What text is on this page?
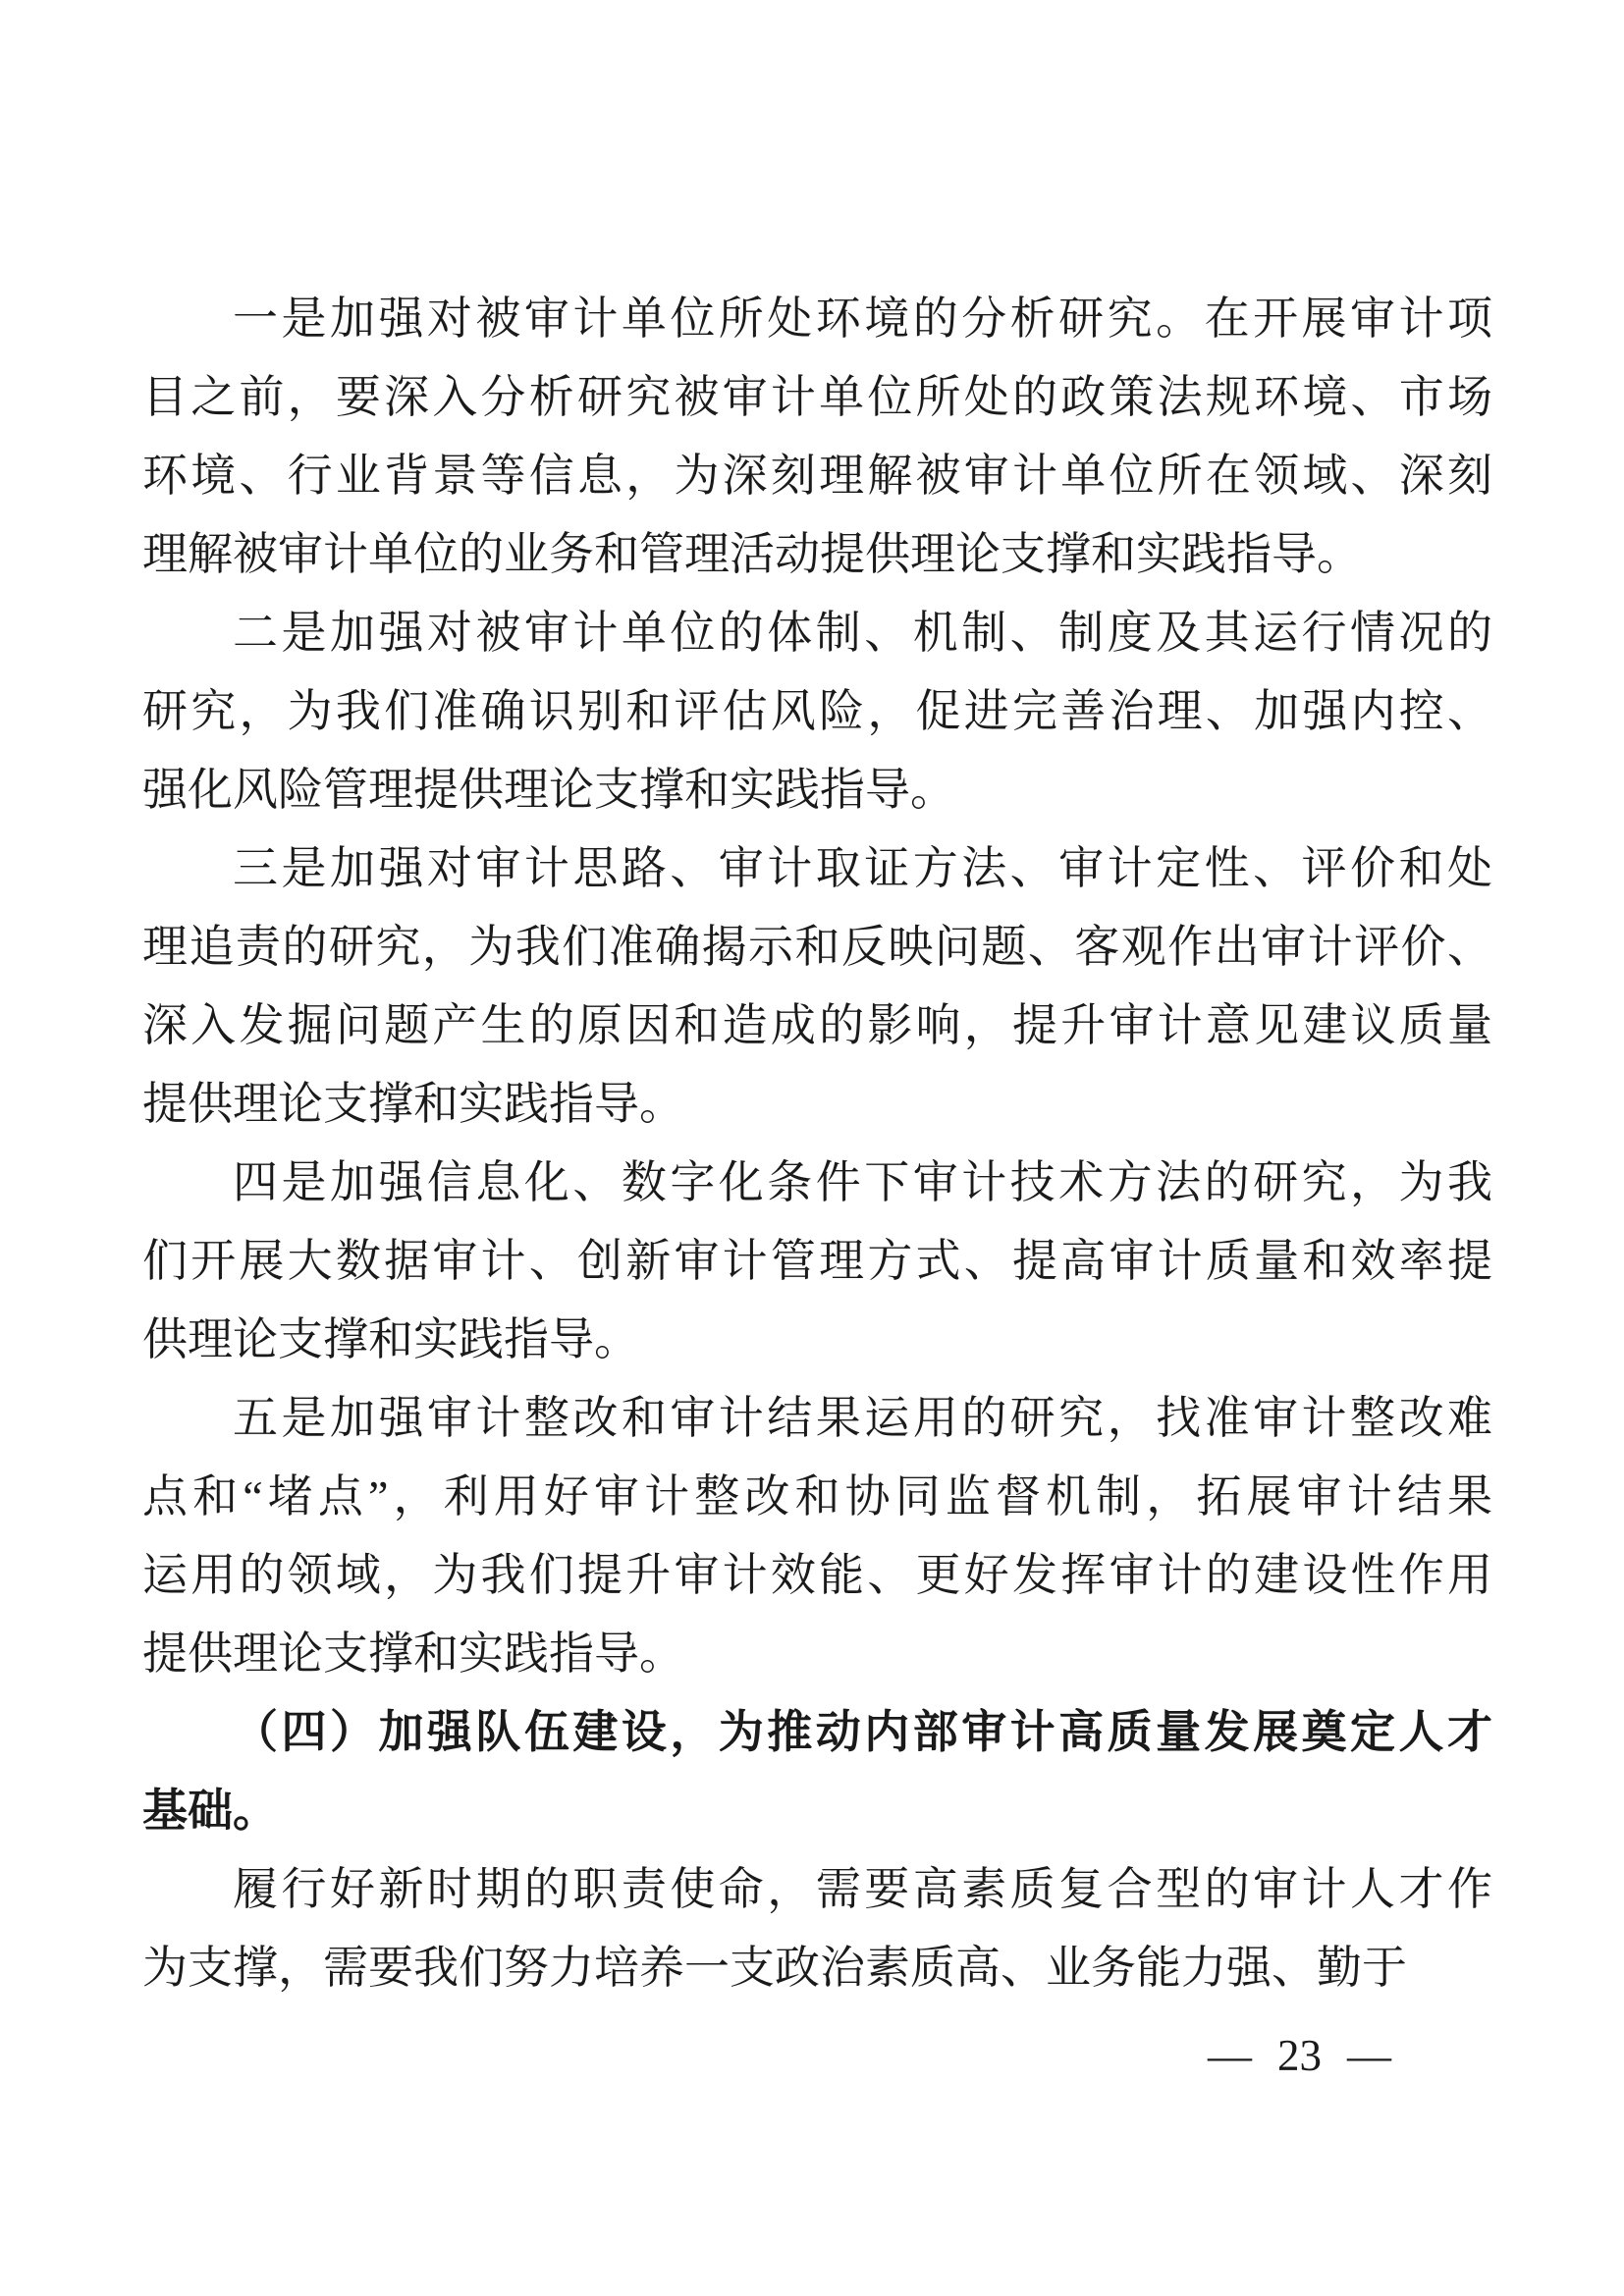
一是加强对被审计单位所处环境的分析研究。在开展审计项
目之前，要深入分析研究被审计单位所处的政策法规环境、市场
环境、行业背景等信息，为深刻理解被审计单位所在领域、深刻
理解被审计单位的业务和管理活动提供理论支撑和实践指导。

二是加强对被审计单位的体制、机制、制度及其运行情况的
研究，为我们准确识别和评估风险，促进完善治理、加强内控、
强化风险管理提供理论支撑和实践指导。

三是加强对审计思路、审计取证方法、审计定性、评价和处
理追责的研究，为我们准确揭示和反映问题、客观作出审计评价、
深入发掘问题产生的原因和造成的影响，提升审计意见建议质量
提供理论支撑和实践指导。

四是加强信息化、数字化条件下审计技术方法的研究，为我
们开展大数据审计、创新审计管理方式、提高审计质量和效率提
供理论支撑和实践指导。

五是加强审计整改和审计结果运用的研究，找准审计整改难
点和“堵点”，利用好审计整改和协同监督机制，拓展审计结果
运用的领域，为我们提升审计效能、更好发挥审计的建设性作用
提供理论支撑和实践指导。

（四）加强队伍建设，为推动内部审计高质量发展奠定人才
基础。

履行好新时期的职责使命，需要高素质复合型的审计人才作
为支撑，需要我们努力培养一支政治素质高、业务能力强、勤于

— 23 —
